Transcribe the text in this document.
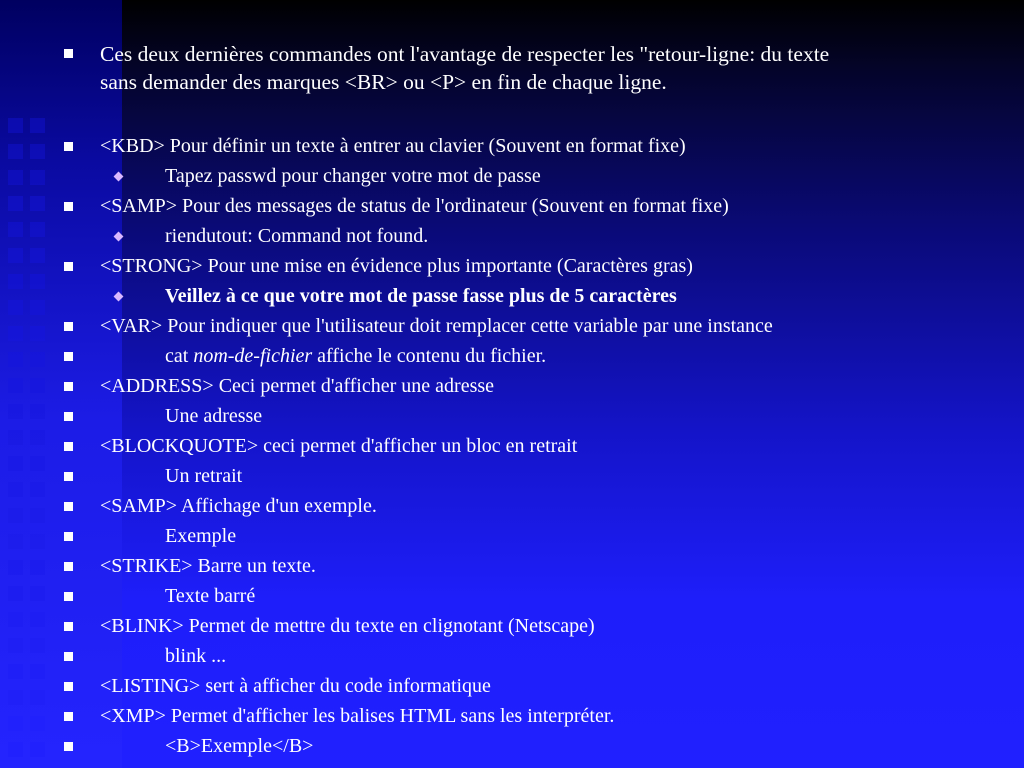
Ces deux dernières commandes ont l'avantage de respecter les "retour-ligne: du texte
sans demander des marques <BR> ou <P> en fin de chaque ligne.
<KBD> Pour définir un texte à entrer au clavier (Souvent en format fixe)
Tapez passwd pour changer votre mot de passe
<SAMP> Pour des messages de status de l'ordinateur (Souvent en format fixe)
riendutout: Command not found.
<STRONG> Pour une mise en évidence plus importante (Caractères gras)
Veillez à ce que votre mot de passe fasse plus de 5 caractères
<VAR> Pour indiquer que l'utilisateur doit remplacer cette variable par une instance
cat nom-de-fichier affiche le contenu du fichier.
<ADDRESS> Ceci permet d'afficher une adresse
Une adresse
<BLOCKQUOTE> ceci permet d'afficher un bloc en retrait
Un retrait
<SAMP> Affichage d'un exemple.
Exemple
<STRIKE> Barre un texte.
Texte barré
<BLINK> Permet de mettre du texte en clignotant (Netscape)
blink ...
<LISTING> sert à afficher du code informatique
<XMP> Permet d'afficher les balises HTML sans les interpréter.
<B>Exemple</B>
